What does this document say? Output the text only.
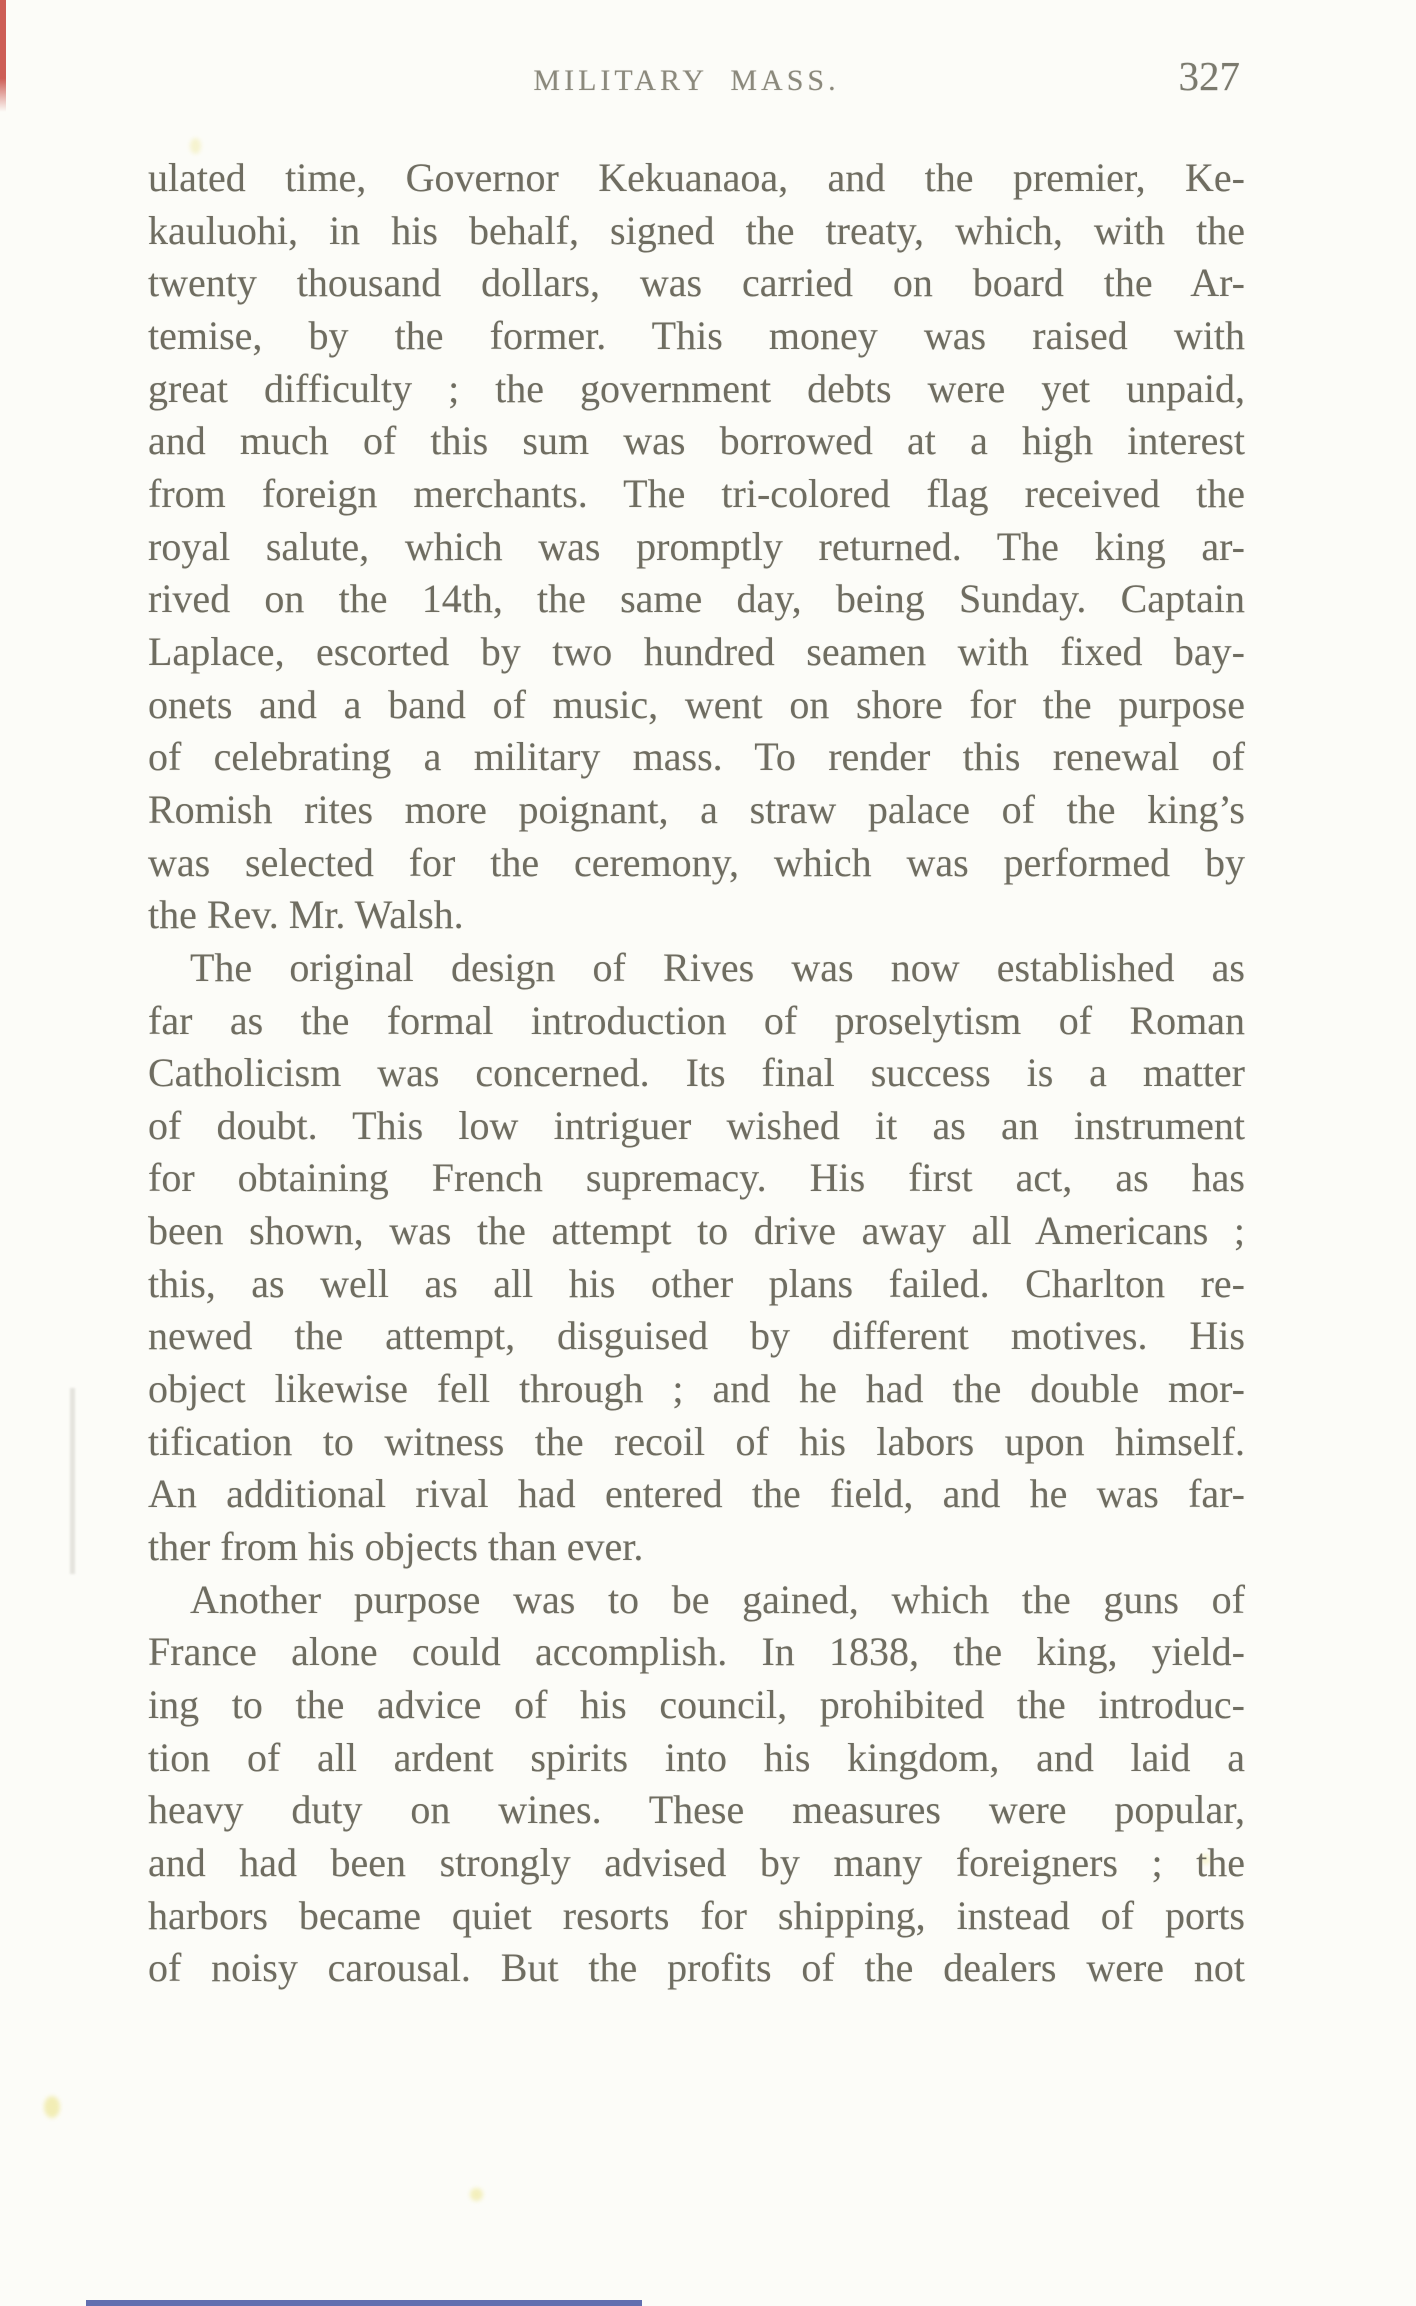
MILITARY MASS.	327
ulated time, Governor Kekuanaoa, and the premier, Ke-
kauluohi, in his behalf, signed the treaty, which, with the
twenty thousand dollars, was carried on board the Ar-
temise, by the former. This money was raised with
great difficulty ; the government debts were yet unpaid,
and much of this sum was borrowed at a high interest
from foreign merchants. The tri-colored flag received the
royal salute, which was promptly returned. The king ar-
rived on the 14th, the same day, being Sunday. Captain
Laplace, escorted by two hundred seamen with fixed bay-
onets and a band of music, went on shore for the purpose
of celebrating a military mass. To render this renewal of
Romish rites more poignant, a straw palace of the king’s
was selected for the ceremony, which was performed by
the Rev. Mr. Walsh.
The original design of Rives was now established as
far as the formal introduction of proselytism of Roman
Catholicism was concerned. Its final success is a matter
of doubt. This low intriguer wished it as an instrument
for obtaining French supremacy. His first act, as has
been shown, was the attempt to drive away all Americans ;
this, as well as all his other plans failed. Charlton re-
newed the attempt, disguised by different motives. His
object likewise fell through ; and he had the double mor-
tification to witness the recoil of his labors upon himself.
An additional rival had entered the field, and he was far-
ther from his objects than ever.
Another purpose was to be gained, which the guns of
France alone could accomplish. In 1838, the king, yield-
ing to the advice of his council, prohibited the introduc-
tion of all ardent spirits into his kingdom, and laid a
heavy duty on wines. These measures were popular,
and had been strongly advised by many foreigners ; the
harbors became quiet resorts for shipping, instead of ports
of noisy carousal. But the profits of the dealers were not
